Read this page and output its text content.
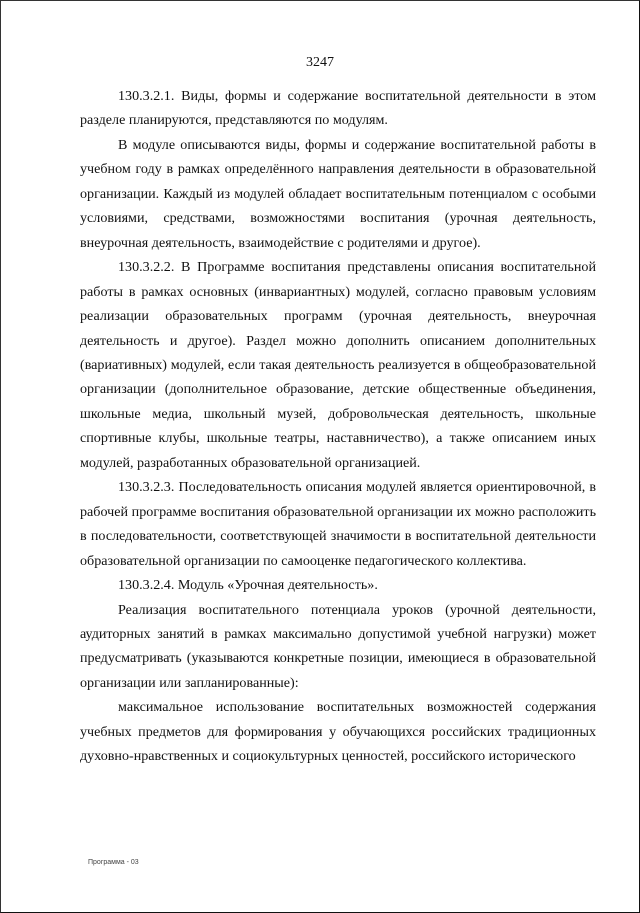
3247

130.3.2.1. Виды, формы и содержание воспитательной деятельности в этом разделе планируются, представляются по модулям.

В модуле описываются виды, формы и содержание воспитательной работы в учебном году в рамках определённого направления деятельности в образовательной организации. Каждый из модулей обладает воспитательным потенциалом с особыми условиями, средствами, возможностями воспитания (урочная деятельность, внеурочная деятельность, взаимодействие с родителями и другое).

130.3.2.2. В Программе воспитания представлены описания воспитательной работы в рамках основных (инвариантных) модулей, согласно правовым условиям реализации образовательных программ (урочная деятельность, внеурочная деятельность и другое). Раздел можно дополнить описанием дополнительных (вариативных) модулей, если такая деятельность реализуется в общеобразовательной организации (дополнительное образование, детские общественные объединения, школьные медиа, школьный музей, добровольческая деятельность, школьные спортивные клубы, школьные театры, наставничество), а также описанием иных модулей, разработанных образовательной организацией.

130.3.2.3. Последовательность описания модулей является ориентировочной, в рабочей программе воспитания образовательной организации их можно расположить в последовательности, соответствующей значимости в воспитательной деятельности образовательной организации по самооценке педагогического коллектива.

130.3.2.4. Модуль «Урочная деятельность».

Реализация воспитательного потенциала уроков (урочной деятельности, аудиторных занятий в рамках максимально допустимой учебной нагрузки) может предусматривать (указываются конкретные позиции, имеющиеся в образовательной организации или запланированные):

максимальное использование воспитательных возможностей содержания учебных предметов для формирования у обучающихся российских традиционных духовно-нравственных и социокультурных ценностей, российского исторического

Программа - 03
